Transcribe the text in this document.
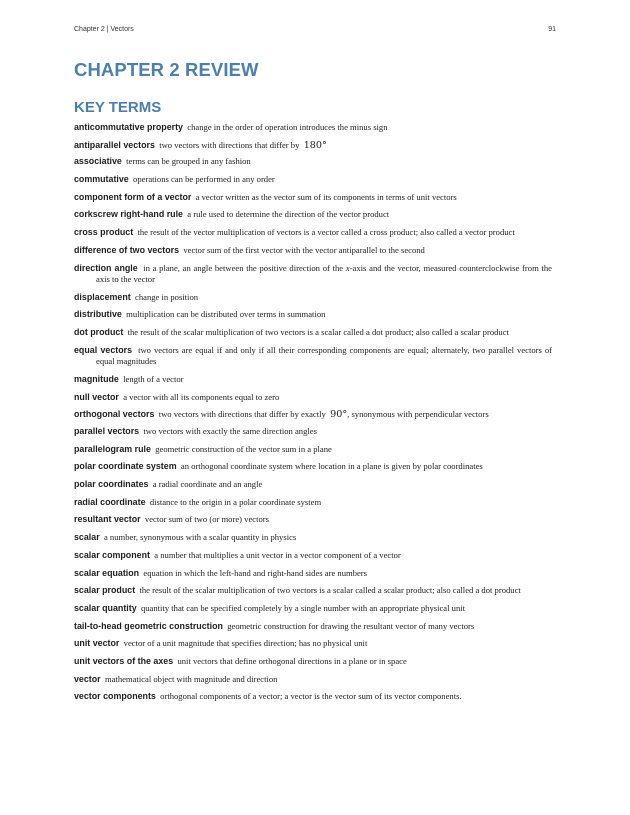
Chapter 2 | Vectors	91
CHAPTER 2 REVIEW
KEY TERMS
anticommutative property change in the order of operation introduces the minus sign
antiparallel vectors two vectors with directions that differ by 180°
associative terms can be grouped in any fashion
commutative operations can be performed in any order
component form of a vector a vector written as the vector sum of its components in terms of unit vectors
corkscrew right-hand rule a rule used to determine the direction of the vector product
cross product the result of the vector multiplication of vectors is a vector called a cross product; also called a vector product
difference of two vectors vector sum of the first vector with the vector antiparallel to the second
direction angle in a plane, an angle between the positive direction of the x-axis and the vector, measured counterclockwise from the axis to the vector
displacement change in position
distributive multiplication can be distributed over terms in summation
dot product the result of the scalar multiplication of two vectors is a scalar called a dot product; also called a scalar product
equal vectors two vectors are equal if and only if all their corresponding components are equal; alternately, two parallel vectors of equal magnitudes
magnitude length of a vector
null vector a vector with all its components equal to zero
orthogonal vectors two vectors with directions that differ by exactly 90°, synonymous with perpendicular vectors
parallel vectors two vectors with exactly the same direction angles
parallelogram rule geometric construction of the vector sum in a plane
polar coordinate system an orthogonal coordinate system where location in a plane is given by polar coordinates
polar coordinates a radial coordinate and an angle
radial coordinate distance to the origin in a polar coordinate system
resultant vector vector sum of two (or more) vectors
scalar a number, synonymous with a scalar quantity in physics
scalar component a number that multiplies a unit vector in a vector component of a vector
scalar equation equation in which the left-hand and right-hand sides are numbers
scalar product the result of the scalar multiplication of two vectors is a scalar called a scalar product; also called a dot product
scalar quantity quantity that can be specified completely by a single number with an appropriate physical unit
tail-to-head geometric construction geometric construction for drawing the resultant vector of many vectors
unit vector vector of a unit magnitude that specifies direction; has no physical unit
unit vectors of the axes unit vectors that define orthogonal directions in a plane or in space
vector mathematical object with magnitude and direction
vector components orthogonal components of a vector; a vector is the vector sum of its vector components.
